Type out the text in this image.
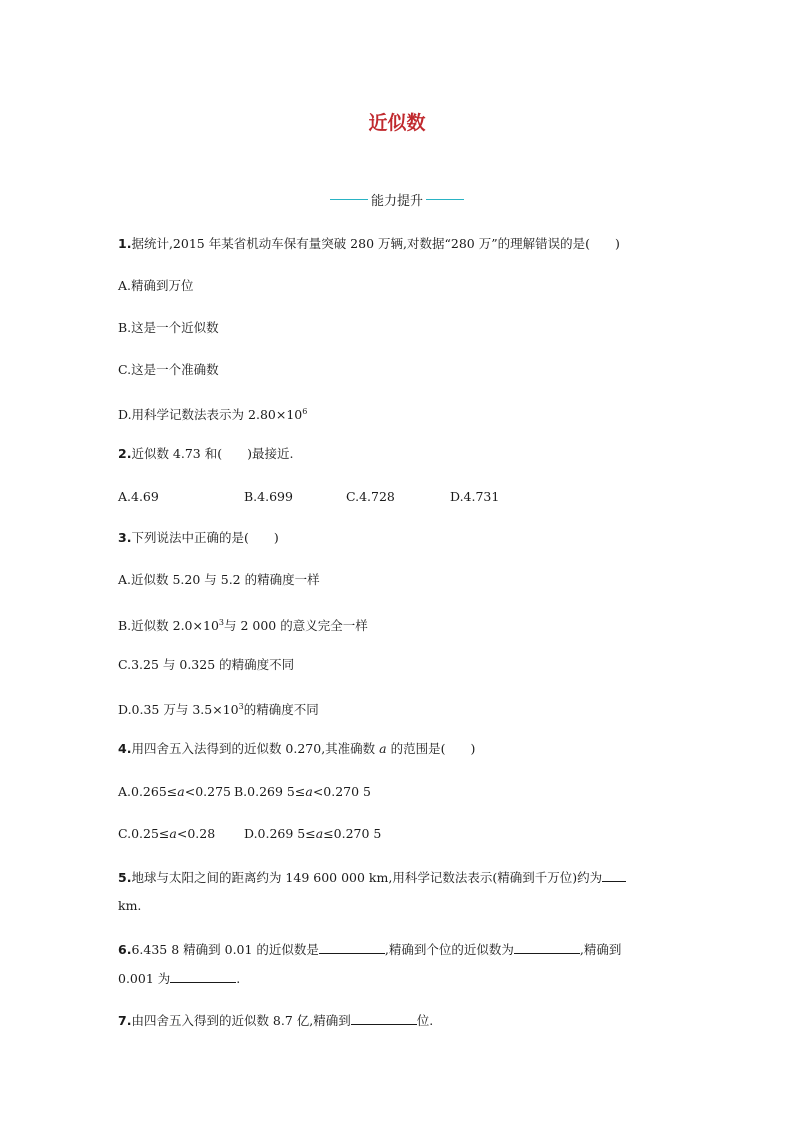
近似数
能力提升
1.据统计,2015 年某省机动车保有量突破 280 万辆,对数据“280 万”的理解错误的是(　　)
A.精确到万位
B.这是一个近似数
C.这是一个准确数
D.用科学记数法表示为 $2.80\times 10^6$
2.近似数 4.73 和(　　)最接近.
A.4.69	B.4.699	C.4.728	D.4.731
3.下列说法中正确的是(　　)
A.近似数 5.20 与 5.2 的精确度一样
B.近似数 $2.0\times 10^3$与 2 000 的意义完全一样
C.3.25 与 0.325 的精确度不同
D.0.35 万与 $3.5\times 10^3$的精确度不同
4.用四舍五入法得到的近似数 0.270,其准确数 a 的范围是(　　)
A.0.265≤a<0.275 B.0.269 5≤a<0.270 5
C.0.25≤a<0.28 D.0.269 5≤a≤0.270 5
5.地球与太阳之间的距离约为 149 600 000 km,用科学记数法表示(精确到千万位)约为
km.
6.6.435 8 精确到 0.01 的近似数是	,精确到个位的近似数为	,精确到
0.001 为	.
7.由四舍五入得到的近似数 8.7 亿,精确到	位.
